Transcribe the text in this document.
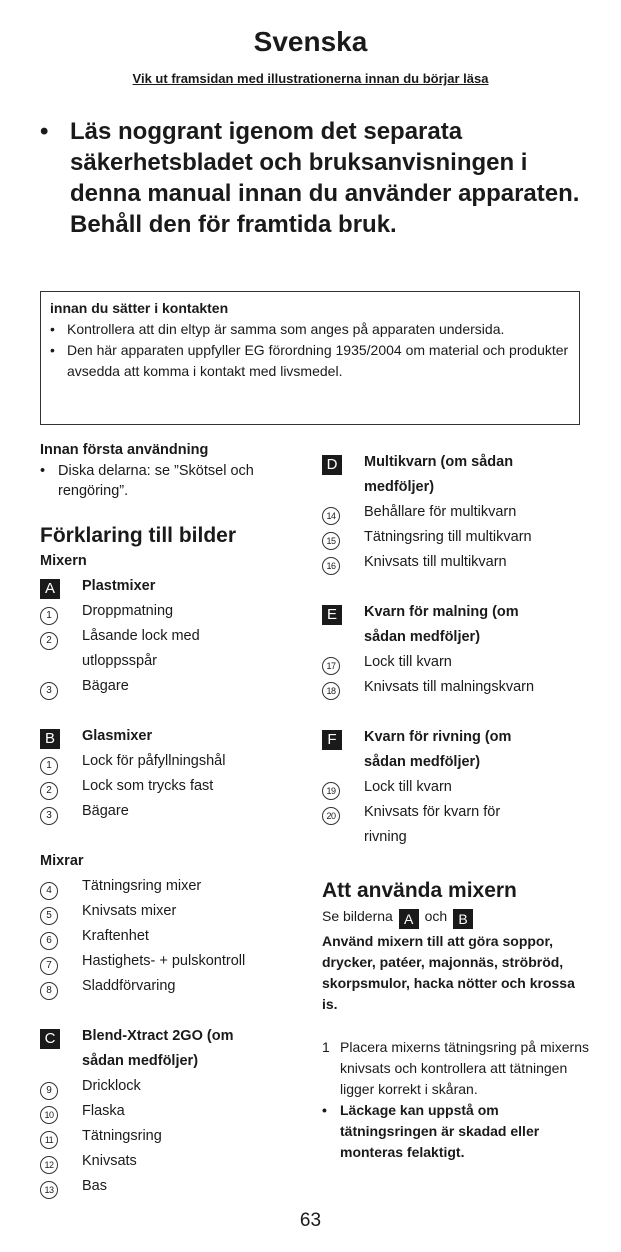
Svenska
Vik ut framsidan med illustrationerna innan du börjar läsa
• Läs noggrant igenom det separata säkerhetsbladet och bruksanvisningen i denna manual innan du använder apparaten. Behåll den för framtida bruk.
innan du sätter i kontakten
• Kontrollera att din eltyp är samma som anges på apparaten undersida.
• Den här apparaten uppfyller EG förordning 1935/2004 om material och produkter avsedda att komma i kontakt med livsmedel.
Innan första användning
• Diska delarna: se ”Skötsel och rengöring”.
Förklaring till bilder
Mixern
A	Plastmixer
1	Droppmatning
2	Låsande lock med
utloppsspår
3	Bägare
B	Glasmixer
1	Lock för påfyllningshål
2	Lock som trycks fast
3	Bägare
Mixrar
4	Tätningsring mixer
5	Knivsats mixer
6	Kraftenhet
7	Hastighets- + pulskontroll
8	Sladdförvaring
C	Blend-Xtract 2GO (om
sådan medföljer)
9	Dricklock
10	Flaska
11	Tätningsring
12	Knivsats
13	Bas
D	Multikvarn (om sådan
medföljer)
14	Behållare för multikvarn
15	Tätningsring till multikvarn
16	Knivsats till multikvarn
E	Kvarn för malning (om
sådan medföljer)
17	Lock till kvarn
18	Knivsats till malningskvarn
F	Kvarn för rivning (om
sådan medföljer)
19	Lock till kvarn
20	Knivsats för kvarn för
rivning
Att använda mixern
Se bilderna A och B
Använd mixern till att göra soppor, drycker, patéer, majonnäs, ströbröd, skorpsmulor, hacka nötter och krossa is.
1 Placera mixerns tätningsring på mixerns knivsats och kontrollera att tätningen ligger korrekt i skåran.
• Läckage kan uppstå om tätningsringen är skadad eller monteras felaktigt.
63
